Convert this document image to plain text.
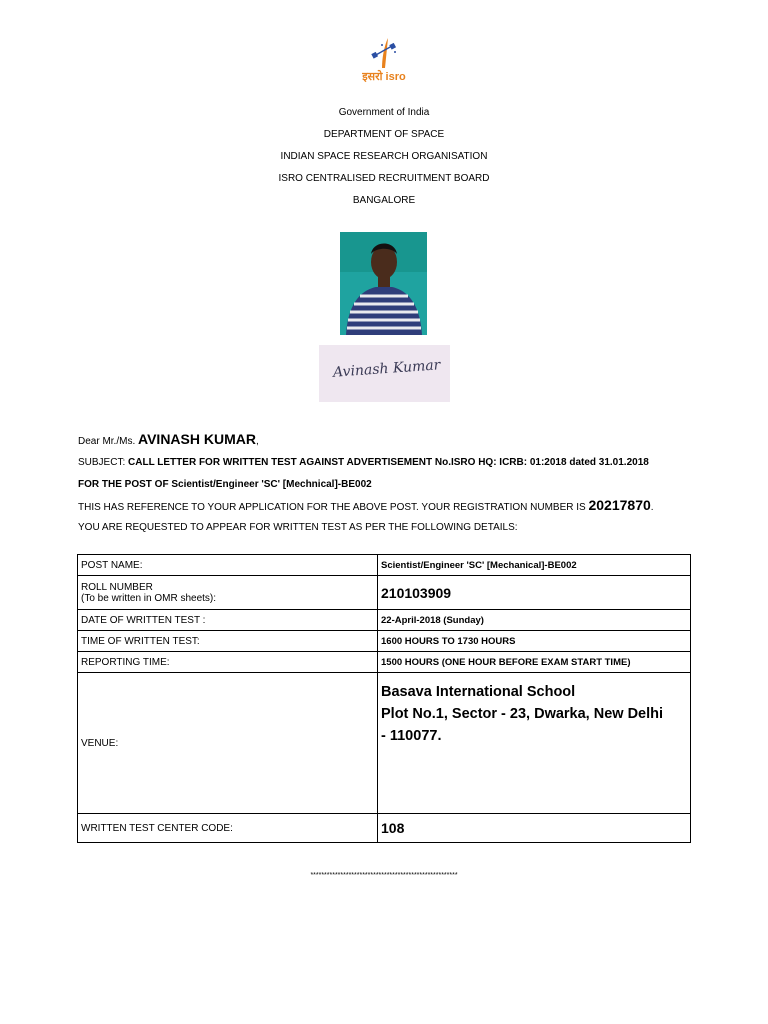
इसरो isro
Government of India
DEPARTMENT OF SPACE
INDIAN SPACE RESEARCH ORGANISATION
ISRO CENTRALISED RECRUITMENT BOARD
BANGALORE
Avinash Kumar
Dear Mr./Ms. AVINASH KUMAR,
SUBJECT: CALL LETTER FOR WRITTEN TEST AGAINST ADVERTISEMENT No.ISRO HQ: ICRB: 01:2018 dated 31.01.2018
FOR THE POST OF Scientist/Engineer 'SC' [Mechnical]-BE002
THIS HAS REFERENCE TO YOUR APPLICATION FOR THE ABOVE POST. YOUR REGISTRATION NUMBER IS 20217870.
YOU ARE REQUESTED TO APPEAR FOR WRITTEN TEST AS PER THE FOLLOWING DETAILS:
POST NAME:	Scientist/Engineer 'SC' [Mechanical]-BE002

ROLL NUMBER
(To be written in OMR sheets):	210103909
DATE OF WRITTEN TEST :	22-April-2018 (Sunday)
TIME OF WRITTEN TEST:	1600 HOURS TO 1730 HOURS
REPORTING TIME:	1500 HOURS (ONE HOUR BEFORE EXAM START TIME)
VENUE:	Basava International School
Plot No.1, Sector - 23, Dwarka, New Delhi
- 110077.

WRITTEN TEST CENTER CODE:	108
******************************************************
